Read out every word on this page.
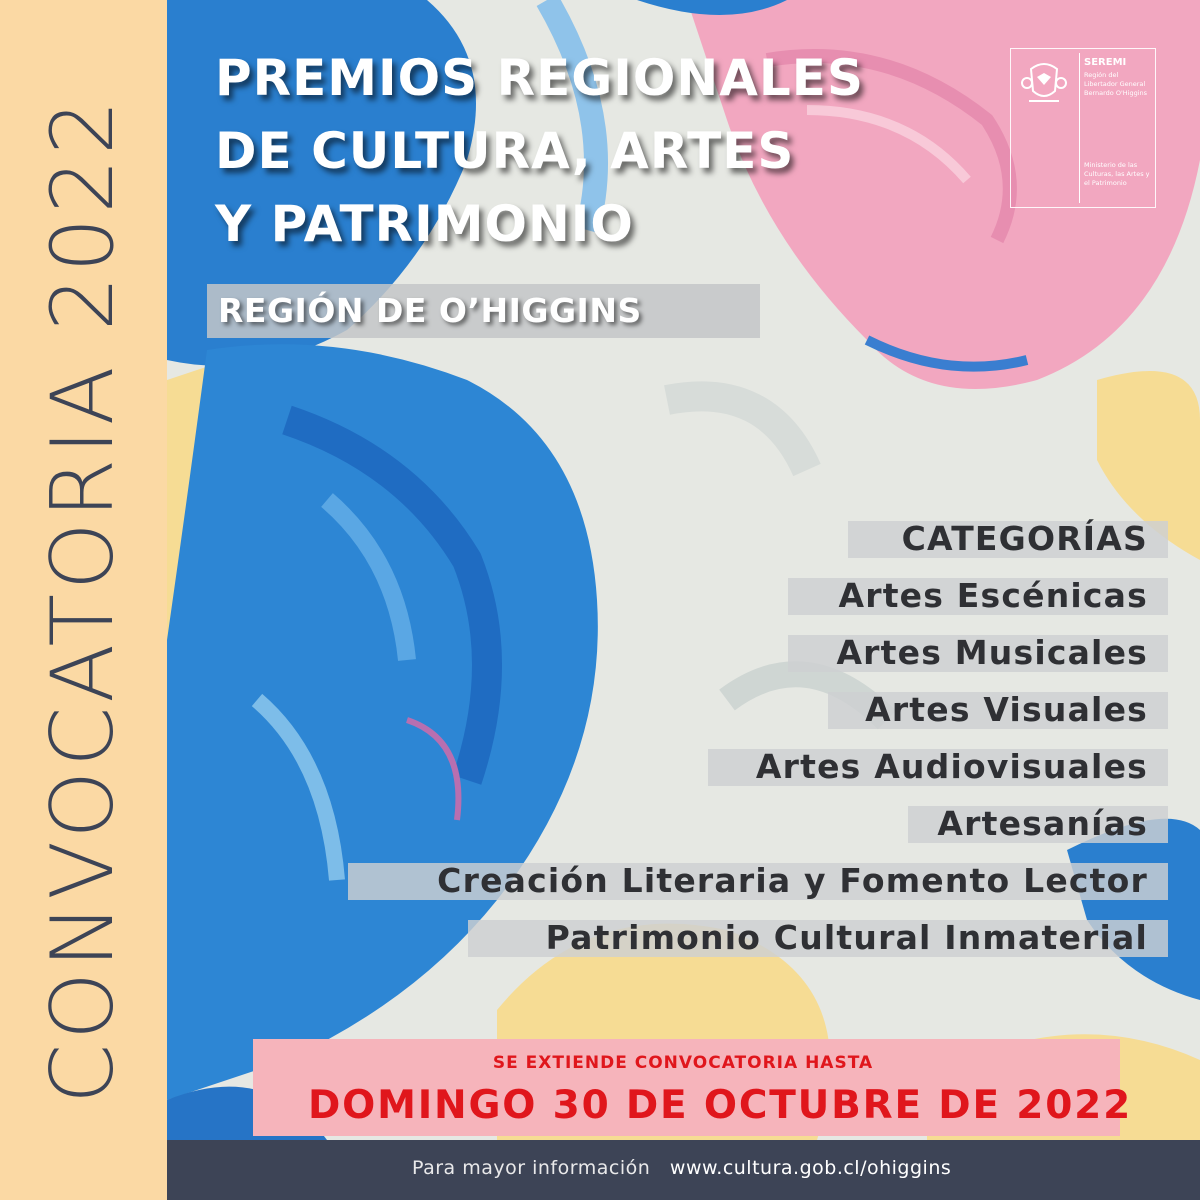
CONVOCATORIA 2022
PREMIOS REGIONALES
DE CULTURA, ARTES
Y PATRIMONIO
REGIÓN DE O’HIGGINS
SEREMI
Región del Libertador General Bernardo O'Higgins
Ministerio de las Culturas, las Artes y el Patrimonio
CATEGORÍAS
Artes Escénicas
Artes Musicales
Artes Visuales
Artes Audiovisuales
Artesanías
Creación Literaria y Fomento Lector
Patrimonio Cultural Inmaterial
SE EXTIENDE CONVOCATORIA HASTA
DOMINGO 30 DE OCTUBRE DE 2022
Para mayor información www.cultura.gob.cl/ohiggins
